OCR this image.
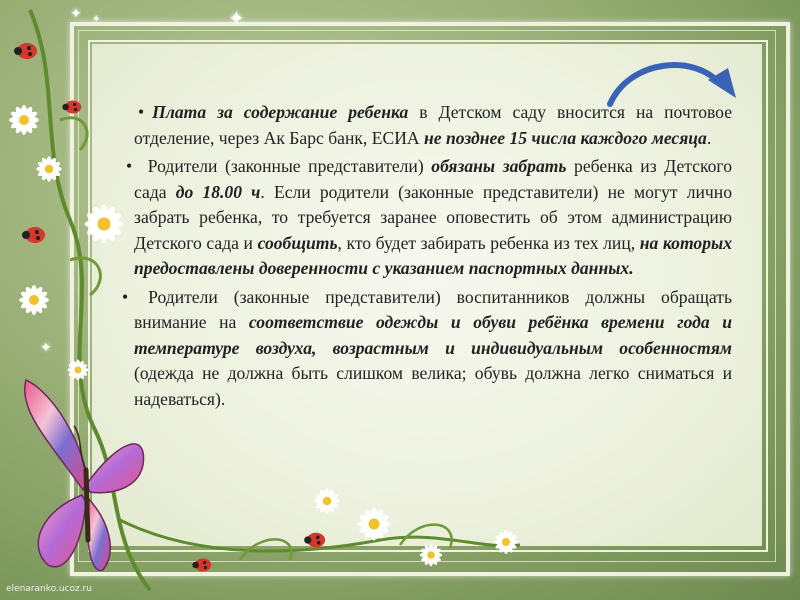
✦
✦ ✦
✦

• Плата за содержание ребенка в Детском саду вносится на почтовое отделение, через Ак Барс банк, ЕСИА не позднее 15 числа каждого месяца.

• Родители (законные представители) обязаны забрать ребенка из Детского сада до 18.00 ч. Если родители (законные представители) не могут лично забрать ребенка, то требуется заранее оповестить об этом администрацию Детского сада и сообщить, кто будет забирать ребенка из тех лиц, на которых предоставлены доверенности с указанием паспортных данных.

• Родители (законные представители) воспитанников должны обращать внимание на соответствие одежды и обуви ребёнка времени года и температуре воздуха, возрастным и индивидуальным особенностям (одежда не должна быть слишком велика; обувь должна легко сниматься и надеваться).

elenaranko.ucoz.ru
